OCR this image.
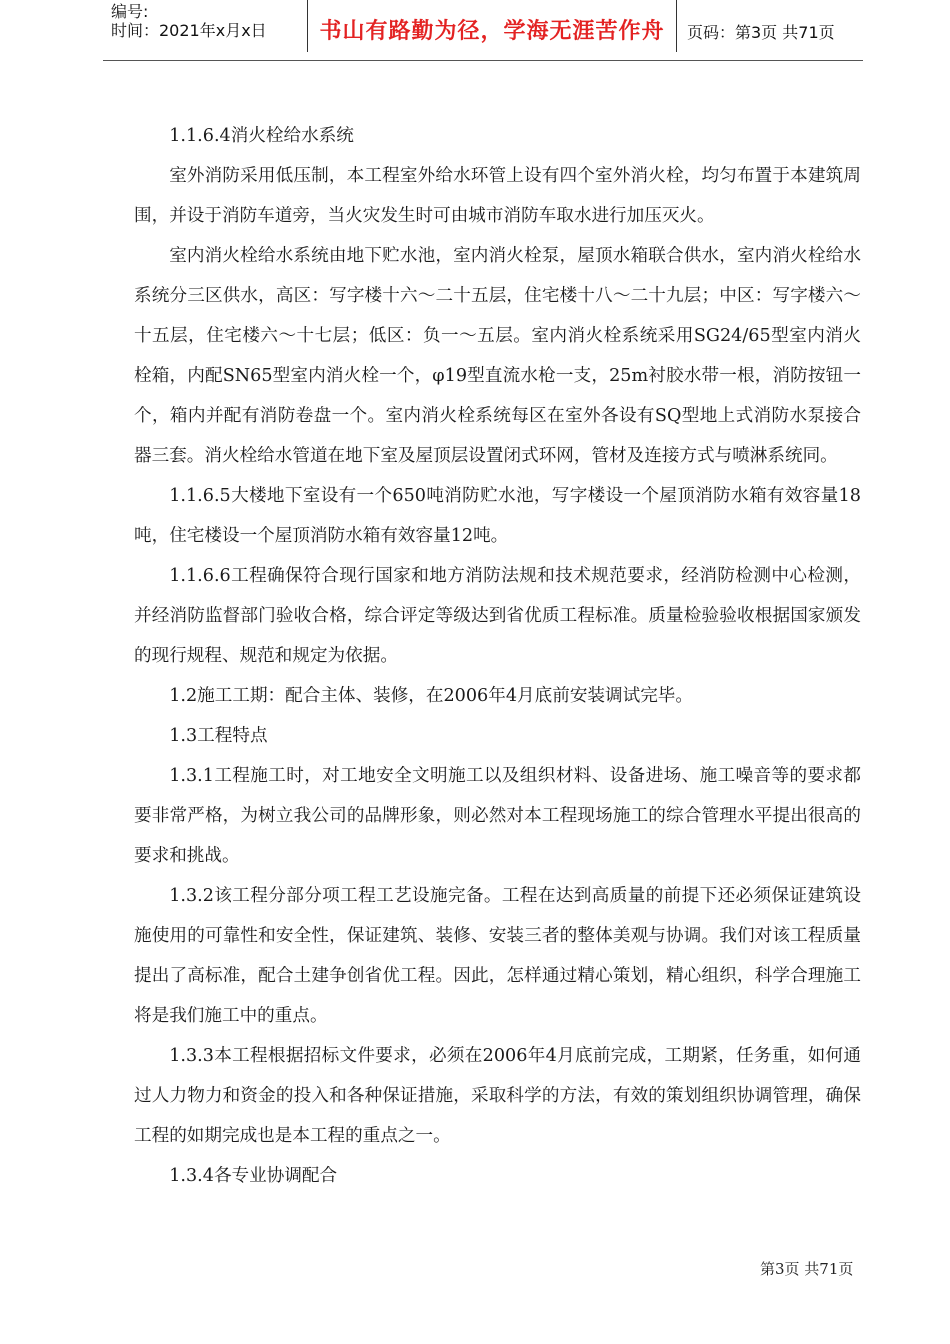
编号:
时间：2021年x月x日	书山有路勤为径，学海无涯苦作舟	页码：第3页 共71页

1.1.6.4消火栓给水系统

室外消防采用低压制，本工程室外给水环管上设有四个室外消火栓，均匀布置于本建筑周围，并设于消防车道旁，当火灾发生时可由城市消防车取水进行加压灭火。

室内消火栓给水系统由地下贮水池，室内消火栓泵，屋顶水箱联合供水，室内消火栓给水系统分三区供水，高区：写字楼十六～二十五层，住宅楼十八～二十九层；中区：写字楼六～十五层，住宅楼六～十七层；低区：负一～五层。室内消火栓系统采用SG24/65型室内消火栓箱，内配SN65型室内消火栓一个，φ19型直流水枪一支，25m衬胶水带一根，消防按钮一个，箱内并配有消防卷盘一个。室内消火栓系统每区在室外各设有SQ型地上式消防水泵接合器三套。消火栓给水管道在地下室及屋顶层设置闭式环网，管材及连接方式与喷淋系统同。

1.1.6.5大楼地下室设有一个650吨消防贮水池，写字楼设一个屋顶消防水箱有效容量18吨，住宅楼设一个屋顶消防水箱有效容量12吨。

1.1.6.6工程确保符合现行国家和地方消防法规和技术规范要求，经消防检测中心检测，并经消防监督部门验收合格，综合评定等级达到省优质工程标准。质量检验验收根据国家颁发的现行规程、规范和规定为依据。

1.2施工工期：配合主体、装修，在2006年4月底前安装调试完毕。

1.3工程特点

1.3.1工程施工时，对工地安全文明施工以及组织材料、设备进场、施工噪音等的要求都要非常严格，为树立我公司的品牌形象，则必然对本工程现场施工的综合管理水平提出很高的要求和挑战。

1.3.2该工程分部分项工程工艺设施完备。工程在达到高质量的前提下还必须保证建筑设施使用的可靠性和安全性，保证建筑、装修、安装三者的整体美观与协调。我们对该工程质量提出了高标准，配合土建争创省优工程。因此，怎样通过精心策划，精心组织，科学合理施工将是我们施工中的重点。

1.3.3本工程根据招标文件要求，必须在2006年4月底前完成，工期紧，任务重，如何通过人力物力和资金的投入和各种保证措施，采取科学的方法，有效的策划组织协调管理，确保工程的如期完成也是本工程的重点之一。

1.3.4各专业协调配合

第3页 共71页
